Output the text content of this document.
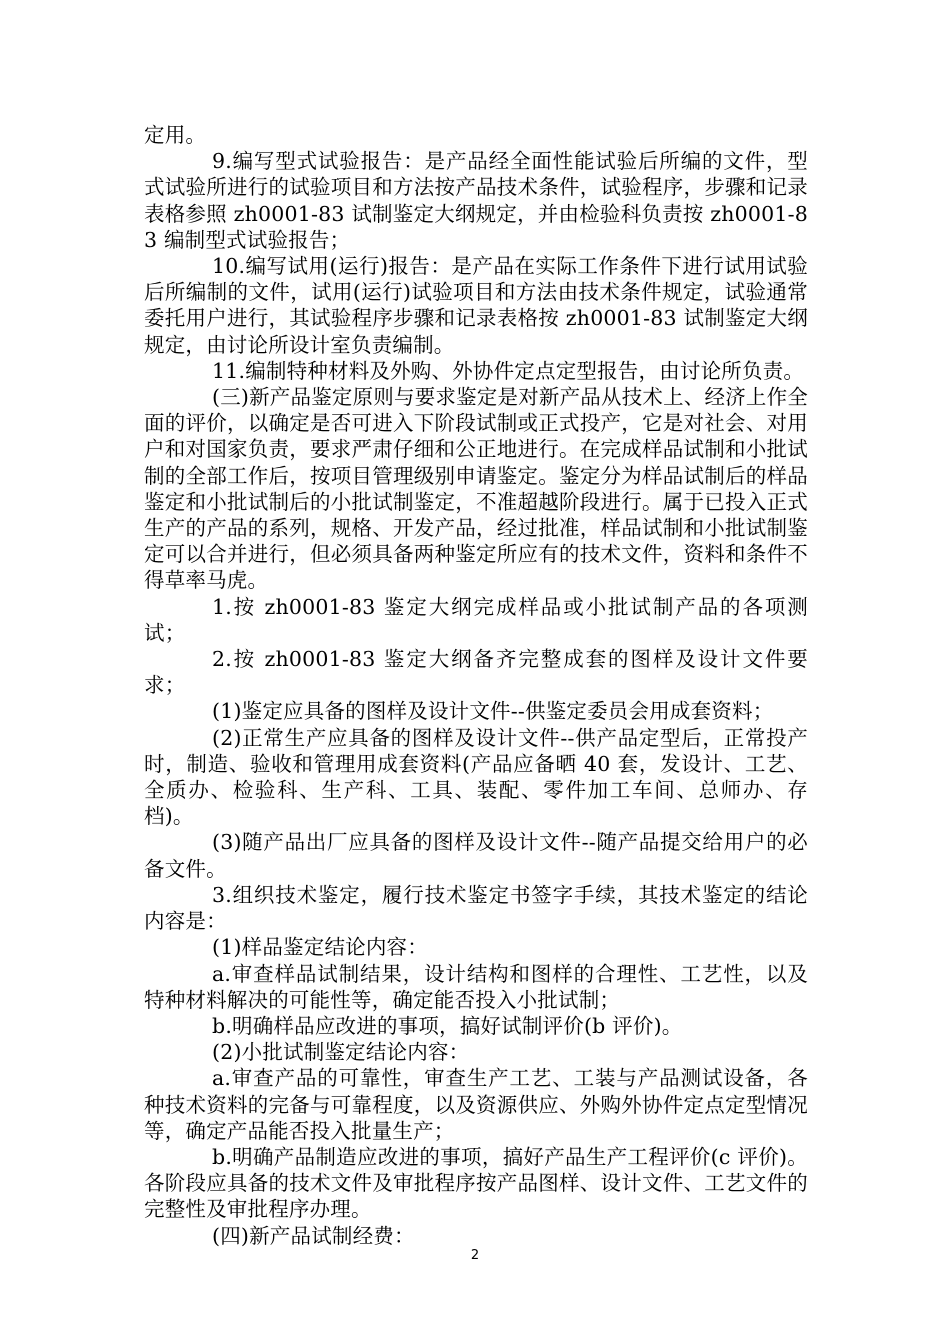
定用。

9.编写型式试验报告：是产品经全面性能试验后所编的文件，型式试验所进行的试验项目和方法按产品技术条件，试验程序，步骤和记录表格参照 zh0001-83 试制鉴定大纲规定，并由检验科负责按 zh0001-83 编制型式试验报告；

10.编写试用(运行)报告：是产品在实际工作条件下进行试用试验后所编制的文件，试用(运行)试验项目和方法由技术条件规定，试验通常委托用户进行，其试验程序步骤和记录表格按 zh0001-83 试制鉴定大纲规定，由讨论所设计室负责编制。

11.编制特种材料及外购、外协件定点定型报告，由讨论所负责。

(三)新产品鉴定原则与要求鉴定是对新产品从技术上、经济上作全面的评价，以确定是否可进入下阶段试制或正式投产，它是对社会、对用户和对国家负责，要求严肃仔细和公正地进行。在完成样品试制和小批试制的全部工作后，按项目管理级别申请鉴定。鉴定分为样品试制后的样品鉴定和小批试制后的小批试制鉴定，不准超越阶段进行。属于已投入正式生产的产品的系列，规格、开发产品，经过批准，样品试制和小批试制鉴定可以合并进行，但必须具备两种鉴定所应有的技术文件，资料和条件不得草率马虎。

1.按 zh0001-83 鉴定大纲完成样品或小批试制产品的各项测试；

2.按 zh0001-83 鉴定大纲备齐完整成套的图样及设计文件要求；

(1)鉴定应具备的图样及设计文件--供鉴定委员会用成套资料；

(2)正常生产应具备的图样及设计文件--供产品定型后，正常投产时，制造、验收和管理用成套资料(产品应备晒 40 套，发设计、工艺、全质办、检验科、生产科、工具、装配、零件加工车间、总师办、存档)。

(3)随产品出厂应具备的图样及设计文件--随产品提交给用户的必备文件。

3.组织技术鉴定，履行技术鉴定书签字手续，其技术鉴定的结论内容是：

(1)样品鉴定结论内容：

a.审查样品试制结果，设计结构和图样的合理性、工艺性，以及特种材料解决的可能性等，确定能否投入小批试制；

b.明确样品应改进的事项，搞好试制评价(b 评价)。

(2)小批试制鉴定结论内容：

a.审查产品的可靠性，审查生产工艺、工装与产品测试设备，各种技术资料的完备与可靠程度，以及资源供应、外购外协件定点定型情况等，确定产品能否投入批量生产；

b.明确产品制造应改进的事项，搞好产品生产工程评价(c 评价)。各阶段应具备的技术文件及审批程序按产品图样、设计文件、工艺文件的完整性及审批程序办理。

(四)新产品试制经费：

2
